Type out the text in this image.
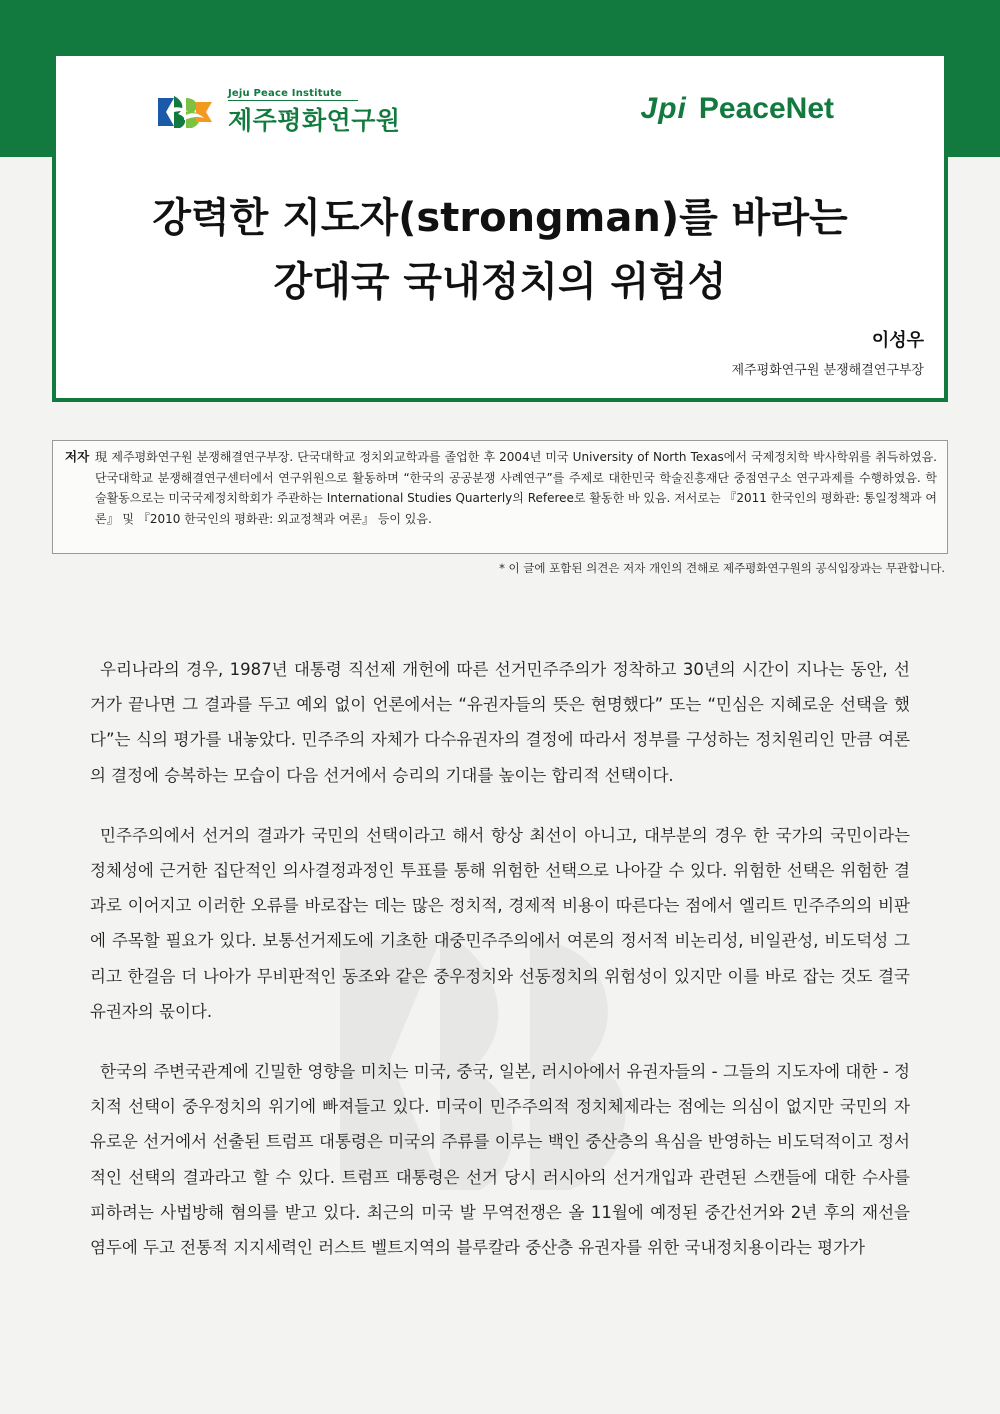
Jeju Peace Institute
제주평화연구원	Jpi PeaceNet
강력한 지도자(strongman)를 바라는
강대국 국내정치의 위험성
이성우
제주평화연구원 분쟁해결연구부장
저자 現 제주평화연구원 분쟁해결연구부장. 단국대학교 정치외교학과를 졸업한 후 2004년 미국 University of North Texas에서 국제정치학 박사학위를 취득하였음. 단국대학교 분쟁해결연구센터에서 연구위원으로 활동하며 “한국의 공공분쟁 사례연구”를 주제로 대한민국 학술진흥재단 중점연구소 연구과제를 수행하였음. 학술활동으로는 미국국제정치학회가 주관하는 International Studies Quarterly의 Referee로 활동한 바 있음. 저서로는 『2011 한국인의 평화관: 통일정책과 여론』 및 『2010 한국인의 평화관: 외교정책과 여론』 등이 있음.
* 이 글에 포함된 의견은 저자 개인의 견해로 제주평화연구원의 공식입장과는 무관합니다.

우리나라의 경우, 1987년 대통령 직선제 개헌에 따른 선거민주주의가 정착하고 30년의 시간이 지나는 동안, 선거가 끝나면 그 결과를 두고 예외 없이 언론에서는 “유권자들의 뜻은 현명했다” 또는 “민심은 지혜로운 선택을 했다”는 식의 평가를 내놓았다. 민주주의 자체가 다수유권자의 결정에 따라서 정부를 구성하는 정치원리인 만큼 여론의 결정에 승복하는 모습이 다음 선거에서 승리의 기대를 높이는 합리적 선택이다.

민주주의에서 선거의 결과가 국민의 선택이라고 해서 항상 최선이 아니고, 대부분의 경우 한 국가의 국민이라는 정체성에 근거한 집단적인 의사결정과정인 투표를 통해 위험한 선택으로 나아갈 수 있다. 위험한 선택은 위험한 결과로 이어지고 이러한 오류를 바로잡는 데는 많은 정치적, 경제적 비용이 따른다는 점에서 엘리트 민주주의의 비판에 주목할 필요가 있다. 보통선거제도에 기초한 대중민주주의에서 여론의 정서적 비논리성, 비일관성, 비도덕성 그리고 한걸음 더 나아가 무비판적인 동조와 같은 중우정치와 선동정치의 위험성이 있지만 이를 바로 잡는 것도 결국 유권자의 몫이다.

한국의 주변국관계에 긴밀한 영향을 미치는 미국, 중국, 일본, 러시아에서 유권자들의 - 그들의 지도자에 대한 - 정치적 선택이 중우정치의 위기에 빠져들고 있다. 미국이 민주주의적 정치체제라는 점에는 의심이 없지만 국민의 자유로운 선거에서 선출된 트럼프 대통령은 미국의 주류를 이루는 백인 중산층의 욕심을 반영하는 비도덕적이고 정서적인 선택의 결과라고 할 수 있다. 트럼프 대통령은 선거 당시 러시아의 선거개입과 관련된 스캔들에 대한 수사를 피하려는 사법방해 혐의를 받고 있다. 최근의 미국 발 무역전쟁은 올 11월에 예정된 중간선거와 2년 후의 재선을 염두에 두고 전통적 지지세력인 러스트 벨트지역의 블루칼라 중산층 유권자를 위한 국내정치용이라는 평가가
